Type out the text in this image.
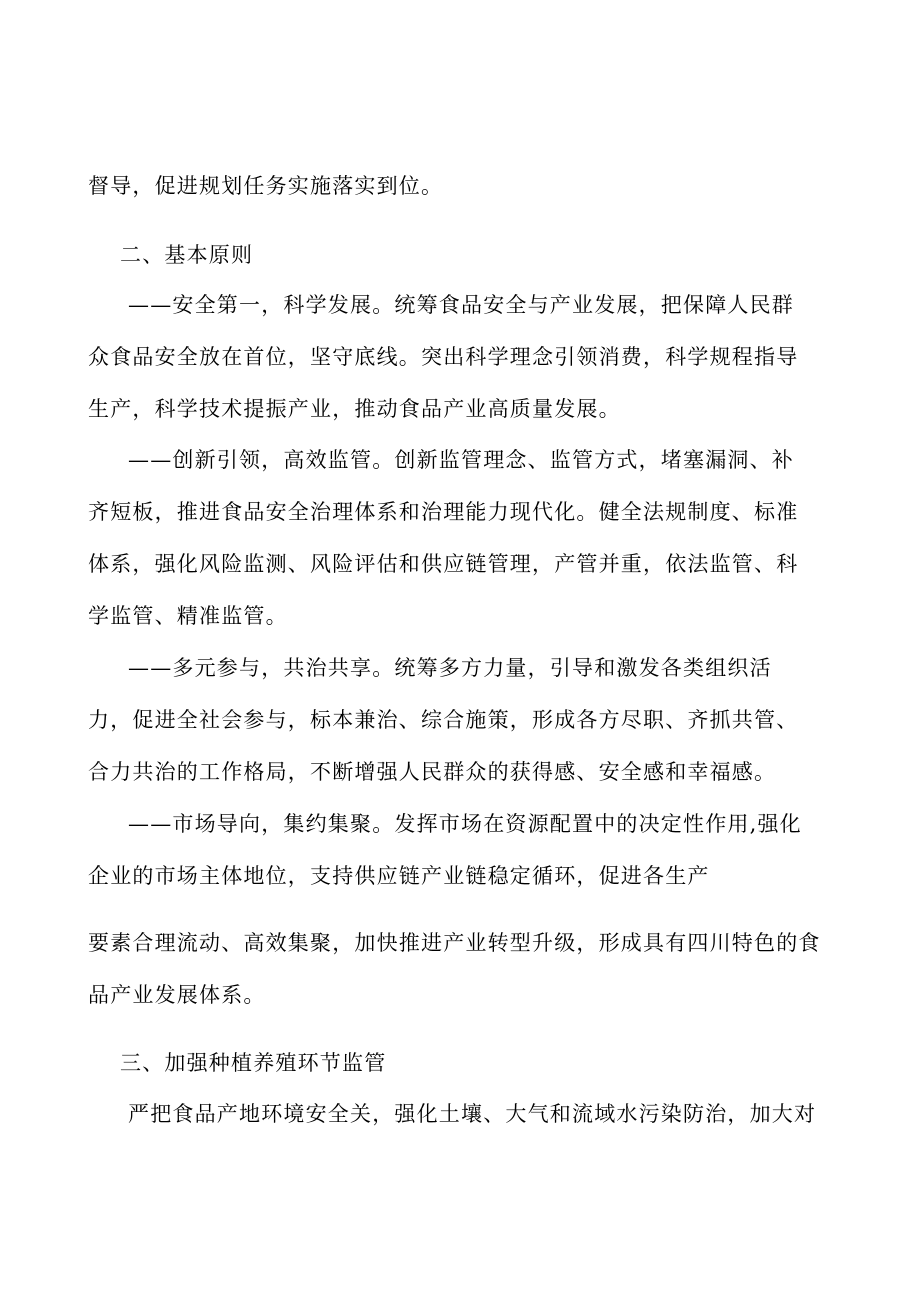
督导，促进规划任务实施落实到位。
二、基本原则
——安全第一，科学发展。统筹食品安全与产业发展，把保障人民群
众食品安全放在首位，坚守底线。突出科学理念引领消费，科学规程指导
生产，科学技术提振产业，推动食品产业高质量发展。
——创新引领，高效监管。创新监管理念、监管方式，堵塞漏洞、补
齐短板，推进食品安全治理体系和治理能力现代化。健全法规制度、标准
体系，强化风险监测、风险评估和供应链管理，产管并重，依法监管、科
学监管、精准监管。
——多元参与，共治共享。统筹多方力量，引导和激发各类组织活
力，促进全社会参与，标本兼治、综合施策，形成各方尽职、齐抓共管、
合力共治的工作格局，不断增强人民群众的获得感、安全感和幸福感。
——市场导向，集约集聚。发挥市场在资源配置中的决定性作用,强化
企业的市场主体地位，支持供应链产业链稳定循环，促进各生产
要素合理流动、高效集聚，加快推进产业转型升级，形成具有四川特色的食
品产业发展体系。
三、加强种植养殖环节监管
严把食品产地环境安全关，强化土壤、大气和流域水污染防治，加大对
